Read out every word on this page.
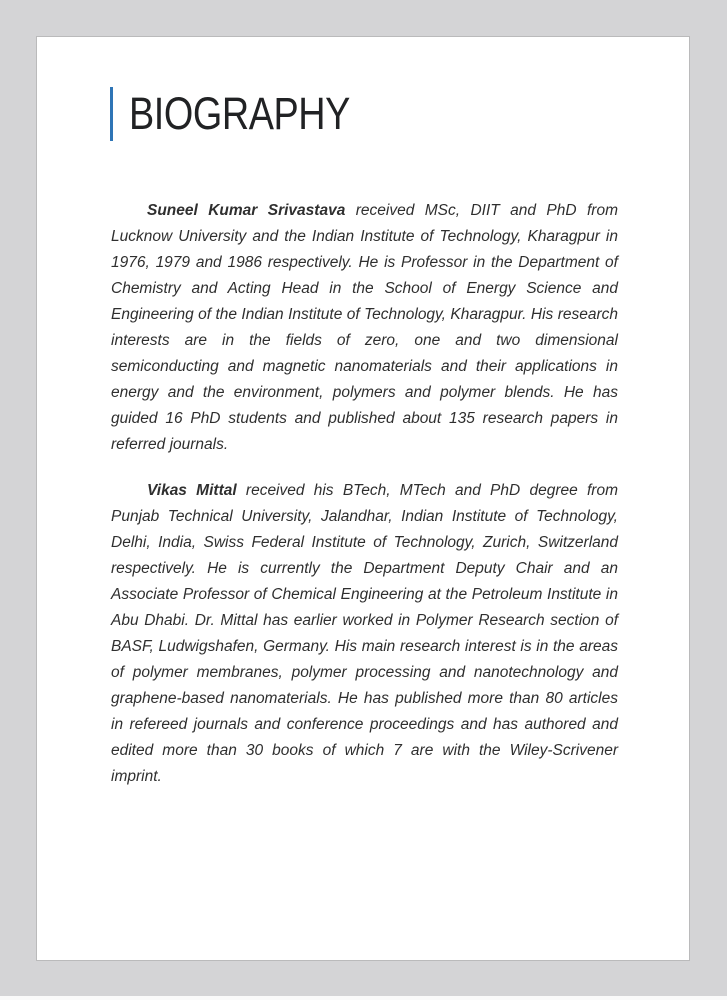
BIOGRAPHY

Suneel Kumar Srivastava received MSc, DIIT and PhD from Lucknow University and the Indian Institute of Technology, Kharagpur in 1976, 1979 and 1986 respectively. He is Professor in the Department of Chemistry and Acting Head in the School of Energy Science and Engineering of the Indian Institute of Technology, Kharagpur. His research interests are in the fields of zero, one and two dimensional semiconducting and magnetic nanomaterials and their applications in energy and the environment, polymers and polymer blends. He has guided 16 PhD students and published about 135 research papers in referred journals.

Vikas Mittal received his BTech, MTech and PhD degree from Punjab Technical University, Jalandhar, Indian Institute of Technology, Delhi, India, Swiss Federal Institute of Technology, Zurich, Switzerland respectively. He is currently the Department Deputy Chair and an Associate Professor of Chemical Engineering at the Petroleum Institute in Abu Dhabi. Dr. Mittal has earlier worked in Polymer Research section of BASF, Ludwigshafen, Germany. His main research interest is in the areas of polymer membranes, polymer processing and nanotechnology and graphene-based nanomaterials. He has published more than 80 articles in refereed journals and conference proceedings and has authored and edited more than 30 books of which 7 are with the Wiley-Scrivener imprint.
